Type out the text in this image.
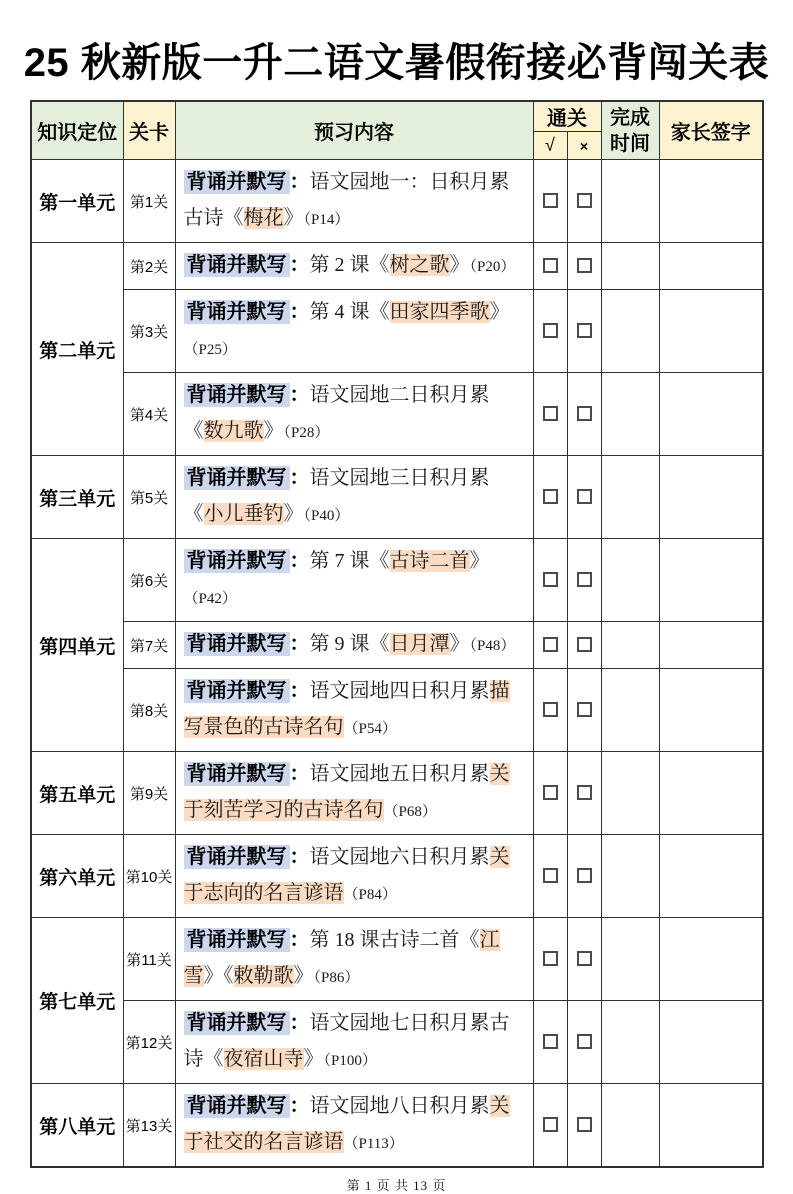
25 秋新版一升二语文暑假衔接必背闯关表
知识定位	关卡	预习内容	通关		完成时间	家长签字
			√	×		
第一单元	第1关	背诵并默写 ：语文园地一：日积月累古诗《梅花》（P14）				
第二单元	第2关	背诵并默写 ：第 2 课《树之歌》（P20）				
	第3关	背诵并默写 ：第 4 课《田家四季歌》（P25）				
	第4关	背诵并默写 ：语文园地二日积月累《数九歌》（P28）				
第三单元	第5关	背诵并默写 ：语文园地三日积月累《小儿垂钓》（P40）				
第四单元	第6关	背诵并默写 ：第 7 课《古诗二首》（P42）				
	第7关	背诵并默写 ：第 9 课《日月潭》（P48）				
	第8关	背诵并默写 ：语文园地四日积月累描写景色的古诗名句（P54）				
第五单元	第9关	背诵并默写 ：语文园地五日积月累关于刻苦学习的古诗名句（P68）				
第六单元	第10关	背诵并默写 ：语文园地六日积月累关于志向的名言谚语（P84）				
第七单元	第11关	背诵并默写 ：第 18 课古诗二首《江雪》《敕勒歌》（P86）				
	第12关	背诵并默写 ：语文园地七日积月累古诗《夜宿山寺》（P100）				
第八单元	第13关	背诵并默写 ：语文园地八日积月累关于社交的名言谚语（P113）				
第 1 页 共 13 页
